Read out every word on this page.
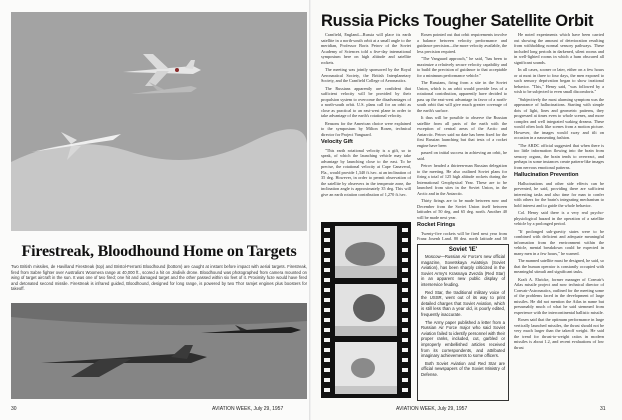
Firestreak, Bloodhound Home on Targets
Two British missiles, de Havilland Firestreak (top) and Bristol-Ferranti Bloodhound (bottom) are caught at instant before impact with aerial targets. Firestreak, fired from Sabre fighter over Australia's Woomera range at 40,000 ft., scored a hit on Jindivik drone. Bloodhound was photographed from camera mounted on wing of target aircraft in the sun. It was one of two fired; one hit and damaged target and the other passed within six feet of it. Proximity fuze would have fired and detonated second missile. Firestreak is infrared guided, Bloodhound, designed for long range, is powered by two Thor ramjet engines plus boosters for takeoff.
30	AVIATION WEEK, July 29, 1957
Russia Picks Tougher Satellite Orbit

Cranfield, England—Russia will place its earth satellite in a north-south orbit at a small angle to the meridian, Professor Boris Petrov of the Soviet Academy of Sciences told a five-day international symposium here on high altitude and satellite rockets.

The meeting was jointly sponsored by the Royal Aeronautical Society, the British Interplanetary Society, and the Cranfield College of Aeronautics.

The Russians apparently are confident that sufficient velocity will be provided by their propulsion system to overcome the disadvantages of a north-south orbit. U.S. plans call for an orbit as close as practical to an east-west plane in order to take advantage of the earth's rotational velocity.

Reasons for the American choice were explained to the symposium by Milton Rosen, technical director for Project Vanguard.

Velocity Gift

"This earth rotational velocity is a gift, so to speak, of which the launching vehicle may take advantage by launching close to the east. To be precise, the rotational velocity at Cape Canaveral, Fla., would provide 1,340 ft./sec. at an inclination of 35 deg. However, in order to permit observation of the satellite by observers in the temperate zone, the inclination angle is approximately 35 deg. This will give an earth rotation contribution of 1,270 ft./sec.

Rosen pointed out that orbit requirements involve a balance between velocity performance and guidance precision—the more velocity available, the less precision required.

"The Vanguard approach," he said, "has been to maximize a relatively secure velocity capability and to build the precision of guidance to that acceptable for a minimum performance vehicle."

The Russians, firing from a site in the Soviet Union, which is an orbit would provide less of a rotational contribution, apparently have decided to pass up the east-west advantage in favor of a north-south orbit that will give much greater coverage of the earth's surface.

It thus will be possible to observe the Russian satellite from all parts of the earth with the exception of central areas of the Arctic and Antarctic. Petrov said no date has been fixed for the first Russian launching but that tests of a rocket engine have been

passed on initial success in achieving an orbit, he said.

Petrov headed a thirteen-man Russian delegation to the meeting. He also outlined Soviet plans for firing a total of 125 high altitude rockets during the International Geophysical Year. These are to be launched from sites in the Soviet Union, in the Arctic and in the Antarctic.

Thirty firings are to be made between now and December from the Soviet Union itself between latitudes of 50 deg. and 65 deg. north. Another 40 will be made next year.

Rocket Firings

Twenty-five rockets will be fired next year from Franz Joseph Land, 80 deg. north latitude and 50

Soviet 'IE'

Moscow—Russian Air Force's new official magazine, Sovetskaya Aviatsiya (Soviet Aviation), has been sharply criticized in the Soviet Army's Krasnaya Zvezda (Red Star) in an apparent new public display of interservice feuding.

Red Star, the traditional military voice of the USSR, went out of its way to print detailed charges that Soviet Aviation, which is still less than a year old, is poorly edited, frequently inaccurate.

The Army paper published a letter from a Russian Air Force major who said Soviet Aviation failed to identify personnel with their proper ranks, included, cut, garbled or improperly embellished articles received from its correspondents, and attributed imaginary achievements to some officers.

Both Soviet Aviation and Red Star are official newspapers of the Soviet Ministry of Defense.

He noted experiments which have been carried out showing the amount of deterioration resulting from withholding normal sensory pathways. These included long periods in darkened, silent rooms and in well-lighted rooms in which a hum obscured all significant sounds.

In all cases, sooner or later, either on a few hours or at most in three to four days, the men exposed to such sensory deprivation began to show irrational behavior. "This," Henry said, "was followed by a wish to be subjected to even small discomforts."

"Subjectively the most alarming symptom was the appearance of hallucinations. Starting with simple dots of light, lines and geometric patterns, they progressed at times even to whole scenes, and more complex and well integrated waking dreams. These would often look like scenes from a motion picture. However, the images would sway and tilt on occasion in a nauseating fashion.

"The ARDC official suggested that when there is too little information flowing into the brain from sensory organs, the brain tends to overreact, and perhaps in some instances create pattern-like images from nervous emotional patterns.

Hallucination Prevention

Hallucinations and other side effects can be prevented, he said, providing there are sufficient interesting tasks and also time for man to confer with others for the brain's integrating mechanism to hold interest and to guide the whole behavior.

Col. Henry said there is a very real psycho-physiological hazard in the operation of a satellite vehicle by a prolonged period.

"If prolonged sub-gravity states were to be combined with deficient and adequate meaningful information from the environment within the vehicle, mental breakdown could be expected in many men in a few hours," he warned.

The manned satellite must be designed, he said, so that the human operator is constantly occupied with meaningful stimuli and significant tasks.

Kraft A. Ehricke, former manager of Convair's Atlas missile project and now technical director of Convair-Astronautics, outlined for the meeting some of the problems faced in the development of large missiles. He did not mention the Atlas in name but presumably much of what he said stemmed from experience with the intercontinental ballistic missile.

Rosen said that the optimum performance in large vertically launched missiles, the thrust should not be very much larger than the takeoff weight. He said the trend for thrust-to-weight ratios in modern missiles is about 1.2, and recent evaluations of low thrust

AVIATION WEEK, July 29, 1957	31
